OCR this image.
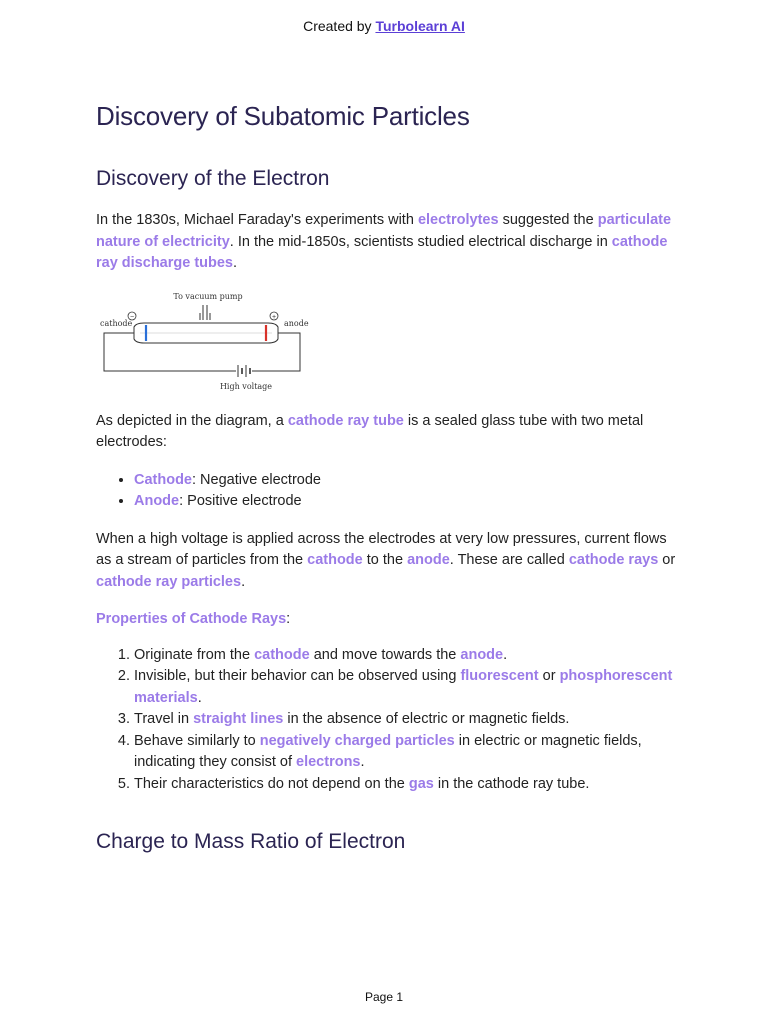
Created by Turbolearn AI
Discovery of Subatomic Particles
Discovery of the Electron

In the 1830s, Michael Faraday's experiments with electrolytes suggested the particulate nature of electricity. In the mid-1850s, scientists studied electrical discharge in cathode ray discharge tubes.

To vacuum pump
−	+
cathode	anode
High voltage

As depicted in the diagram, a cathode ray tube is a sealed glass tube with two metal electrodes:

• Cathode: Negative electrode
• Anode: Positive electrode

When a high voltage is applied across the electrodes at very low pressures, current flows as a stream of particles from the cathode to the anode. These are called cathode rays or cathode ray particles.

Properties of Cathode Rays:

1. Originate from the cathode and move towards the anode.
2. Invisible, but their behavior can be observed using fluorescent or phosphorescent materials.
3. Travel in straight lines in the absence of electric or magnetic fields.
4. Behave similarly to negatively charged particles in electric or magnetic fields, indicating they consist of electrons.
5. Their characteristics do not depend on the gas in the cathode ray tube.
Charge to Mass Ratio of Electron
Page 1
